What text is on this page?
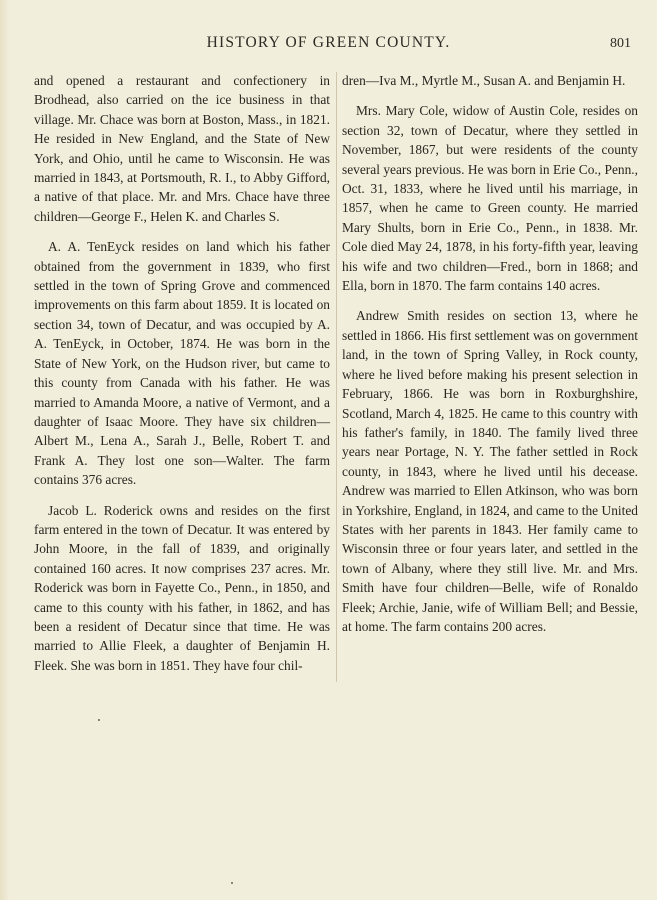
HISTORY OF GREEN COUNTY.	801

and opened a restaurant and confectionery in Brodhead, also carried on the ice business in that village. Mr. Chace was born at Boston, Mass., in 1821. He resided in New England, and the State of New York, and Ohio, until he came to Wisconsin. He was married in 1843, at Portsmouth, R. I., to Abby Gifford, a native of that place. Mr. and Mrs. Chace have three children—George F., Helen K. and Charles S.

A. A. TenEyck resides on land which his father obtained from the government in 1839, who first settled in the town of Spring Grove and commenced improvements on this farm about 1859. It is located on section 34, town of Decatur, and was occupied by A. A. TenEyck, in October, 1874. He was born in the State of New York, on the Hudson river, but came to this county from Canada with his father. He was married to Amanda Moore, a native of Vermont, and a daughter of Isaac Moore. They have six children—Albert M., Lena A., Sarah J., Belle, Robert T. and Frank A. They lost one son—Walter. The farm contains 376 acres.

Jacob L. Roderick owns and resides on the first farm entered in the town of Decatur. It was entered by John Moore, in the fall of 1839, and originally contained 160 acres. It now comprises 237 acres. Mr. Roderick was born in Fayette Co., Penn., in 1850, and came to this county with his father, in 1862, and has been a resident of Decatur since that time. He was married to Allie Fleek, a daughter of Benjamin H. Fleek. She was born in 1851. They have four chil-

dren—Iva M., Myrtle M., Susan A. and Benjamin H.

Mrs. Mary Cole, widow of Austin Cole, resides on section 32, town of Decatur, where they settled in November, 1867, but were residents of the county several years previous. He was born in Erie Co., Penn., Oct. 31, 1833, where he lived until his marriage, in 1857, when he came to Green county. He married Mary Shults, born in Erie Co., Penn., in 1838. Mr. Cole died May 24, 1878, in his forty-fifth year, leaving his wife and two children—Fred., born in 1868; and Ella, born in 1870. The farm contains 140 acres.

Andrew Smith resides on section 13, where he settled in 1866. His first settlement was on government land, in the town of Spring Valley, in Rock county, where he lived before making his present selection in February, 1866. He was born in Roxburghshire, Scotland, March 4, 1825. He came to this country with his father's family, in 1840. The family lived three years near Portage, N. Y. The father settled in Rock county, in 1843, where he lived until his decease. Andrew was married to Ellen Atkinson, who was born in Yorkshire, England, in 1824, and came to the United States with her parents in 1843. Her family came to Wisconsin three or four years later, and settled in the town of Albany, where they still live. Mr. and Mrs. Smith have four children—Belle, wife of Ronaldo Fleek; Archie, Janie, wife of William Bell; and Bessie, at home. The farm contains 200 acres.
